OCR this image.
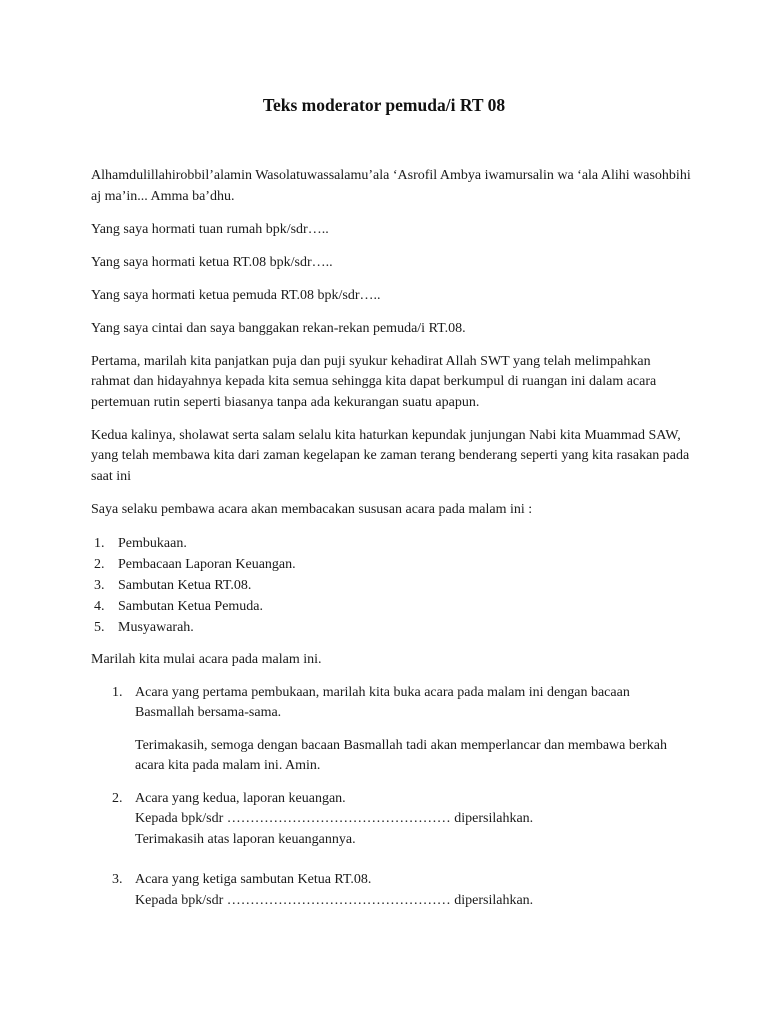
Teks moderator pemuda/i RT 08

Alhamdulillahirobbil’alamin Wasolatuwassalamu’ala ‘Asrofil Ambya iwamursalin wa ‘ala Alihi wasohbihi aj ma’in... Amma ba’dhu.

Yang saya hormati tuan rumah bpk/sdr…..

Yang saya hormati ketua RT.08 bpk/sdr…..

Yang saya hormati ketua pemuda RT.08 bpk/sdr…..

Yang saya cintai dan saya banggakan rekan-rekan pemuda/i RT.08.

Pertama, marilah kita panjatkan puja dan puji syukur kehadirat Allah SWT yang telah melimpahkan rahmat dan hidayahnya kepada kita semua sehingga kita dapat berkumpul di ruangan ini dalam acara pertemuan rutin seperti biasanya tanpa ada kekurangan suatu apapun.

Kedua kalinya, sholawat serta salam selalu kita haturkan kepundak junjungan Nabi kita Muammad SAW, yang telah membawa kita dari zaman kegelapan ke zaman terang benderang seperti yang kita rasakan pada saat ini

Saya selaku pembawa acara akan membacakan sususan acara pada malam ini :

1. Pembukaan.
2. Pembacaan Laporan Keuangan.
3. Sambutan Ketua RT.08.
4. Sambutan Ketua Pemuda.
5. Musyawarah.

Marilah kita mulai acara pada malam ini.

1. Acara yang pertama pembukaan, marilah kita buka acara pada malam ini dengan bacaan Basmallah bersama-sama.
Terimakasih, semoga dengan bacaan Basmallah tadi akan memperlancar dan membawa berkah acara kita pada malam ini. Amin.
2. Acara yang kedua, laporan keuangan.
Kepada bpk/sdr ………………………………………… dipersilahkan.
Terimakasih atas laporan keuangannya.
3. Acara yang ketiga sambutan Ketua RT.08.
Kepada bpk/sdr ………………………………………… dipersilahkan.
